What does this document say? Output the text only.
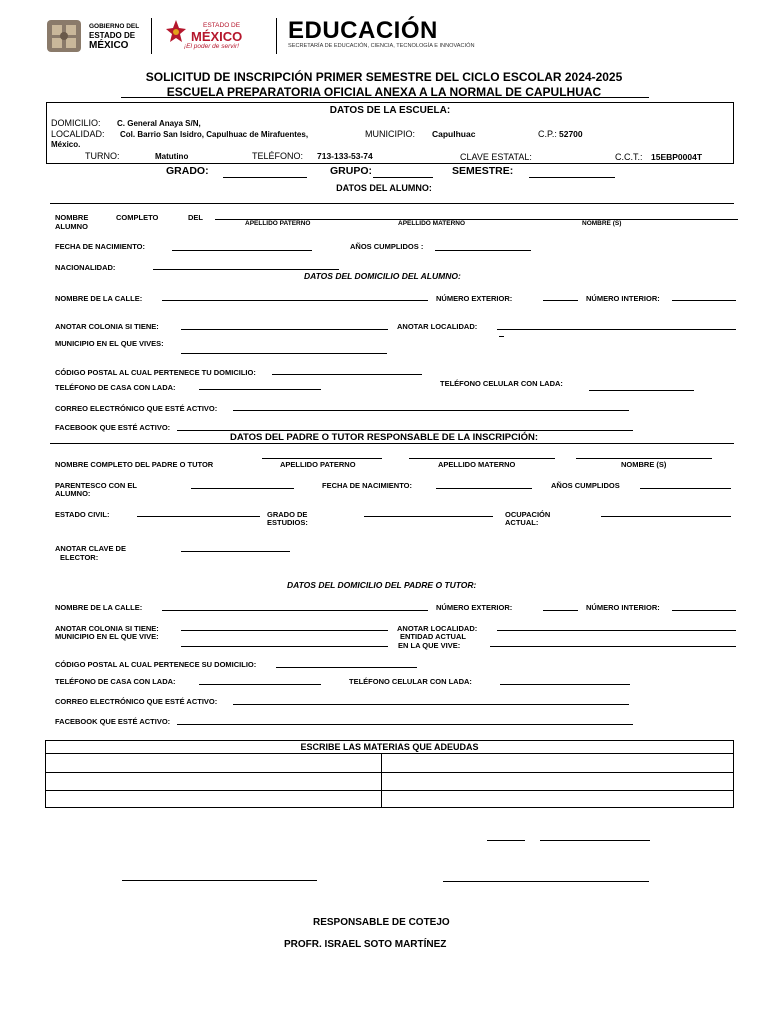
GOBIERNO DEL
ESTADO DE
MÉXICO
ESTADO DE
MÉXICO
¡El poder de servir!
EDUCACIÓN
SECRETARÍA DE EDUCACIÓN, CIENCIA, TECNOLOGÍA E INNOVACIÓN
SOLICITUD DE INSCRIPCIÓN PRIMER SEMESTRE DEL CICLO ESCOLAR 2024-2025
ESCUELA PREPARATORIA OFICIAL ANEXA A LA NORMAL DE CAPULHUAC
DATOS DE LA ESCUELA:
DOMICILIO: C. General Anaya S/N,
LOCALIDAD: Col. Barrio San Isidro, Capulhuac de Mirafuentes,
México.
MUNICIPIO: Capulhuac	C.P.: 52700
TURNO:	Matutino	TELÉFONO: 713-133-53-74	CLAVE ESTATAL:	C.C.T.: 15EBP0004T
GRADO:	GRUPO:	SEMESTRE:
DATOS DEL ALUMNO:
NOMBRE	COMPLETO	DEL
ALUMNO	APELLIDO PATERNO	APELLIDO MATERNO	NOMBRE (S)
FECHA DE NACIMIENTO:	AÑOS CUMPLIDOS :
NACIONALIDAD:
DATOS DEL DOMICILIO DEL ALUMNO:
NOMBRE DE LA CALLE:	NÚMERO EXTERIOR:	NÚMERO INTERIOR:
ANOTAR COLONIA SI TIENE:	ANOTAR LOCALIDAD:
MUNICIPIO EN EL QUE VIVES:
CÓDIGO POSTAL AL CUAL PERTENECE TU DOMICILIO:
TELÉFONO DE CASA CON LADA:	TELÉFONO CELULAR CON LADA:
CORREO ELECTRÓNICO QUE ESTÉ ACTIVO:
FACEBOOK QUE ESTÉ ACTIVO:
DATOS DEL PADRE O TUTOR RESPONSABLE DE LA INSCRIPCIÓN:
NOMBRE COMPLETO DEL PADRE O TUTOR	APELLIDO PATERNO	APELLIDO MATERNO	NOMBRE (S)
PARENTESCO CON EL
ALUMNO:
FECHA DE NACIMIENTO:	AÑOS CUMPLIDOS
ESTADO CIVIL:	GRADO DE
ESTUDIOS:
OCUPACIÓN
ACTUAL:
ANOTAR CLAVE DE
ELECTOR:
DATOS DEL DOMICILIO DEL PADRE O TUTOR:
NOMBRE DE LA CALLE:	NÚMERO EXTERIOR:	NÚMERO INTERIOR:
ANOTAR COLONIA SI TIENE:
MUNICIPIO EN EL QUE VIVE:
ANOTAR LOCALIDAD:
ENTIDAD ACTUAL
EN LA QUE VIVE:
CÓDIGO POSTAL AL CUAL PERTENECE SU DOMICILIO:
TELÉFONO DE CASA CON LADA:	TELÉFONO CELULAR CON LADA:
CORREO ELECTRÓNICO QUE ESTÉ ACTIVO:
FACEBOOK QUE ESTÉ ACTIVO:
ESCRIBE LAS MATERIAS QUE ADEUDAS
RESPONSABLE DE COTEJO
PROFR. ISRAEL SOTO MARTÍNEZ
